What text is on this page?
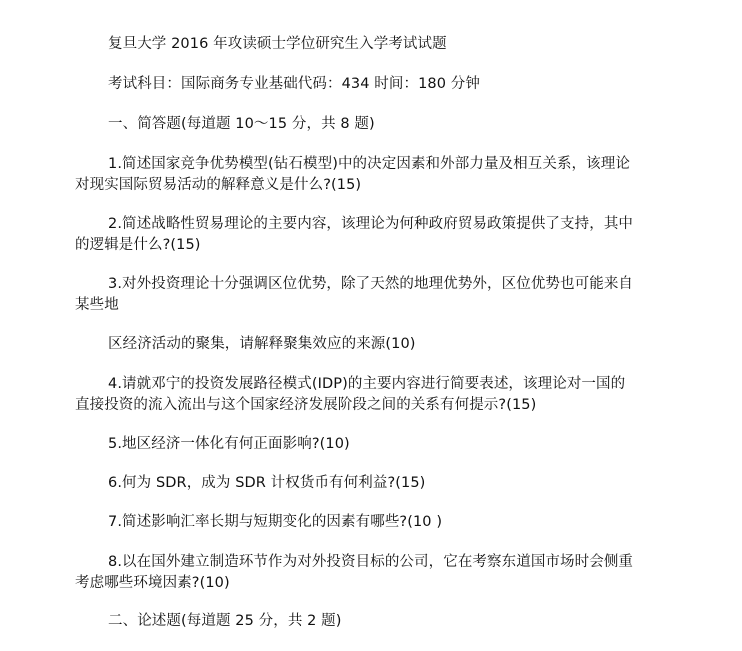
复旦大学 2016 年攻读硕士学位研究生入学考试试题
考试科目：国际商务专业基础代码：434 时间：180 分钟
一、简答题(每道题 10～15 分，共 8 题)
1.简述国家竞争优势模型(钻石模型)中的决定因素和外部力量及相互关系，该理论对现实国际贸易活动的解释意义是什么?(15)
2.简述战略性贸易理论的主要内容，该理论为何种政府贸易政策提供了支持，其中的逻辑是什么?(15)
3.对外投资理论十分强调区位优势，除了天然的地理优势外，区位优势也可能来自某些地
区经济活动的聚集，请解释聚集效应的来源(10)
4.请就邓宁的投资发展路径模式(IDP)的主要内容进行简要表述，该理论对一国的直接投资的流入流出与这个国家经济发展阶段之间的关系有何提示?(15)
5.地区经济一体化有何正面影响?(10)
6.何为 SDR，成为 SDR 计权货币有何利益?(15)
7.简述影响汇率长期与短期变化的因素有哪些?(10 )
8.以在国外建立制造环节作为对外投资目标的公司，它在考察东道国市场时会侧重考虑哪些环境因素?(10)
二、论述题(每道题 25 分，共 2 题)
